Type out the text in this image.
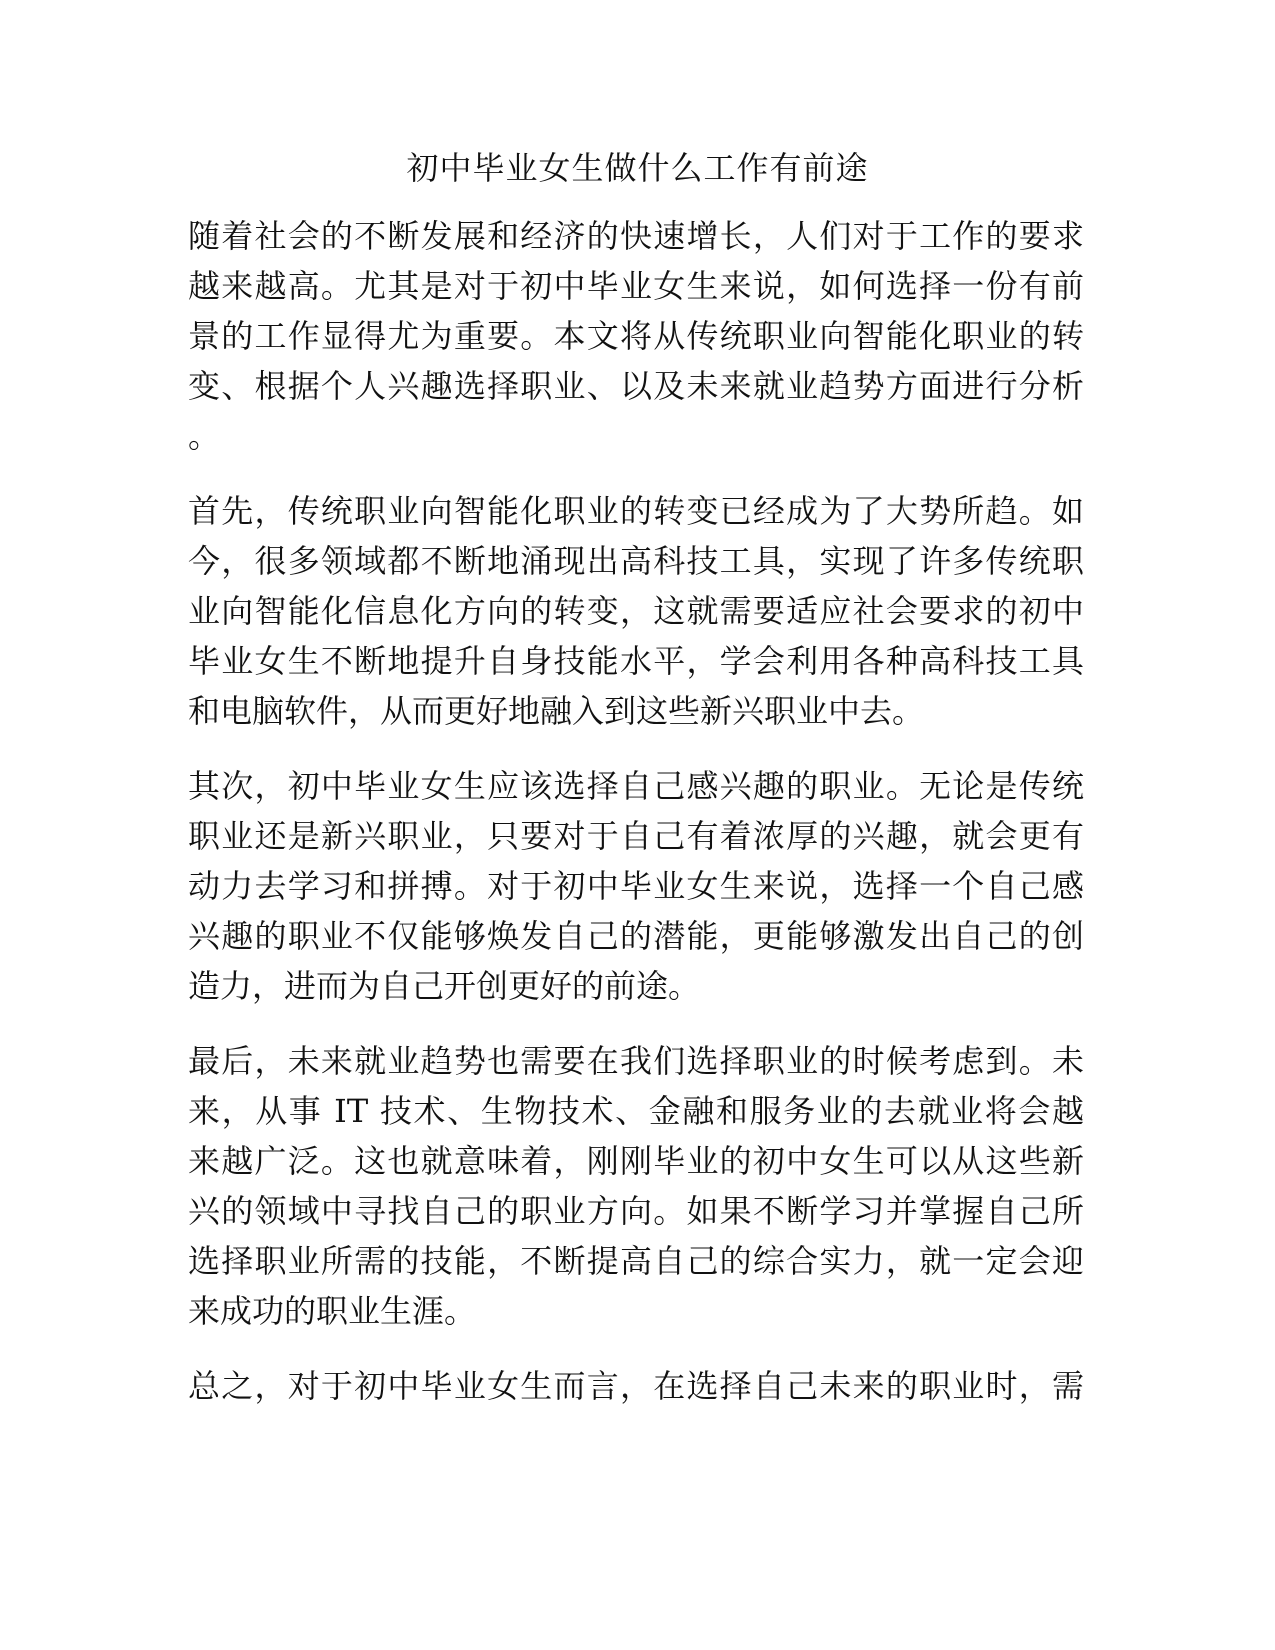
初中毕业女生做什么工作有前途
随着社会的不断发展和经济的快速增长，人们对于工作的要求
越来越高。尤其是对于初中毕业女生来说，如何选择一份有前
景的工作显得尤为重要。本文将从传统职业向智能化职业的转
变、根据个人兴趣选择职业、以及未来就业趋势方面进行分析
。
首先，传统职业向智能化职业的转变已经成为了大势所趋。如
今，很多领域都不断地涌现出高科技工具，实现了许多传统职
业向智能化信息化方向的转变，这就需要适应社会要求的初中
毕业女生不断地提升自身技能水平，学会利用各种高科技工具
和电脑软件，从而更好地融入到这些新兴职业中去。
其次，初中毕业女生应该选择自己感兴趣的职业。无论是传统
职业还是新兴职业，只要对于自己有着浓厚的兴趣，就会更有
动力去学习和拼搏。对于初中毕业女生来说，选择一个自己感
兴趣的职业不仅能够焕发自己的潜能，更能够激发出自己的创
造力，进而为自己开创更好的前途。
最后，未来就业趋势也需要在我们选择职业的时候考虑到。未
来，从事 IT 技术、生物技术、金融和服务业的去就业将会越
来越广泛。这也就意味着，刚刚毕业的初中女生可以从这些新
兴的领域中寻找自己的职业方向。如果不断学习并掌握自己所
选择职业所需的技能，不断提高自己的综合实力，就一定会迎
来成功的职业生涯。
总之，对于初中毕业女生而言，在选择自己未来的职业时，需
